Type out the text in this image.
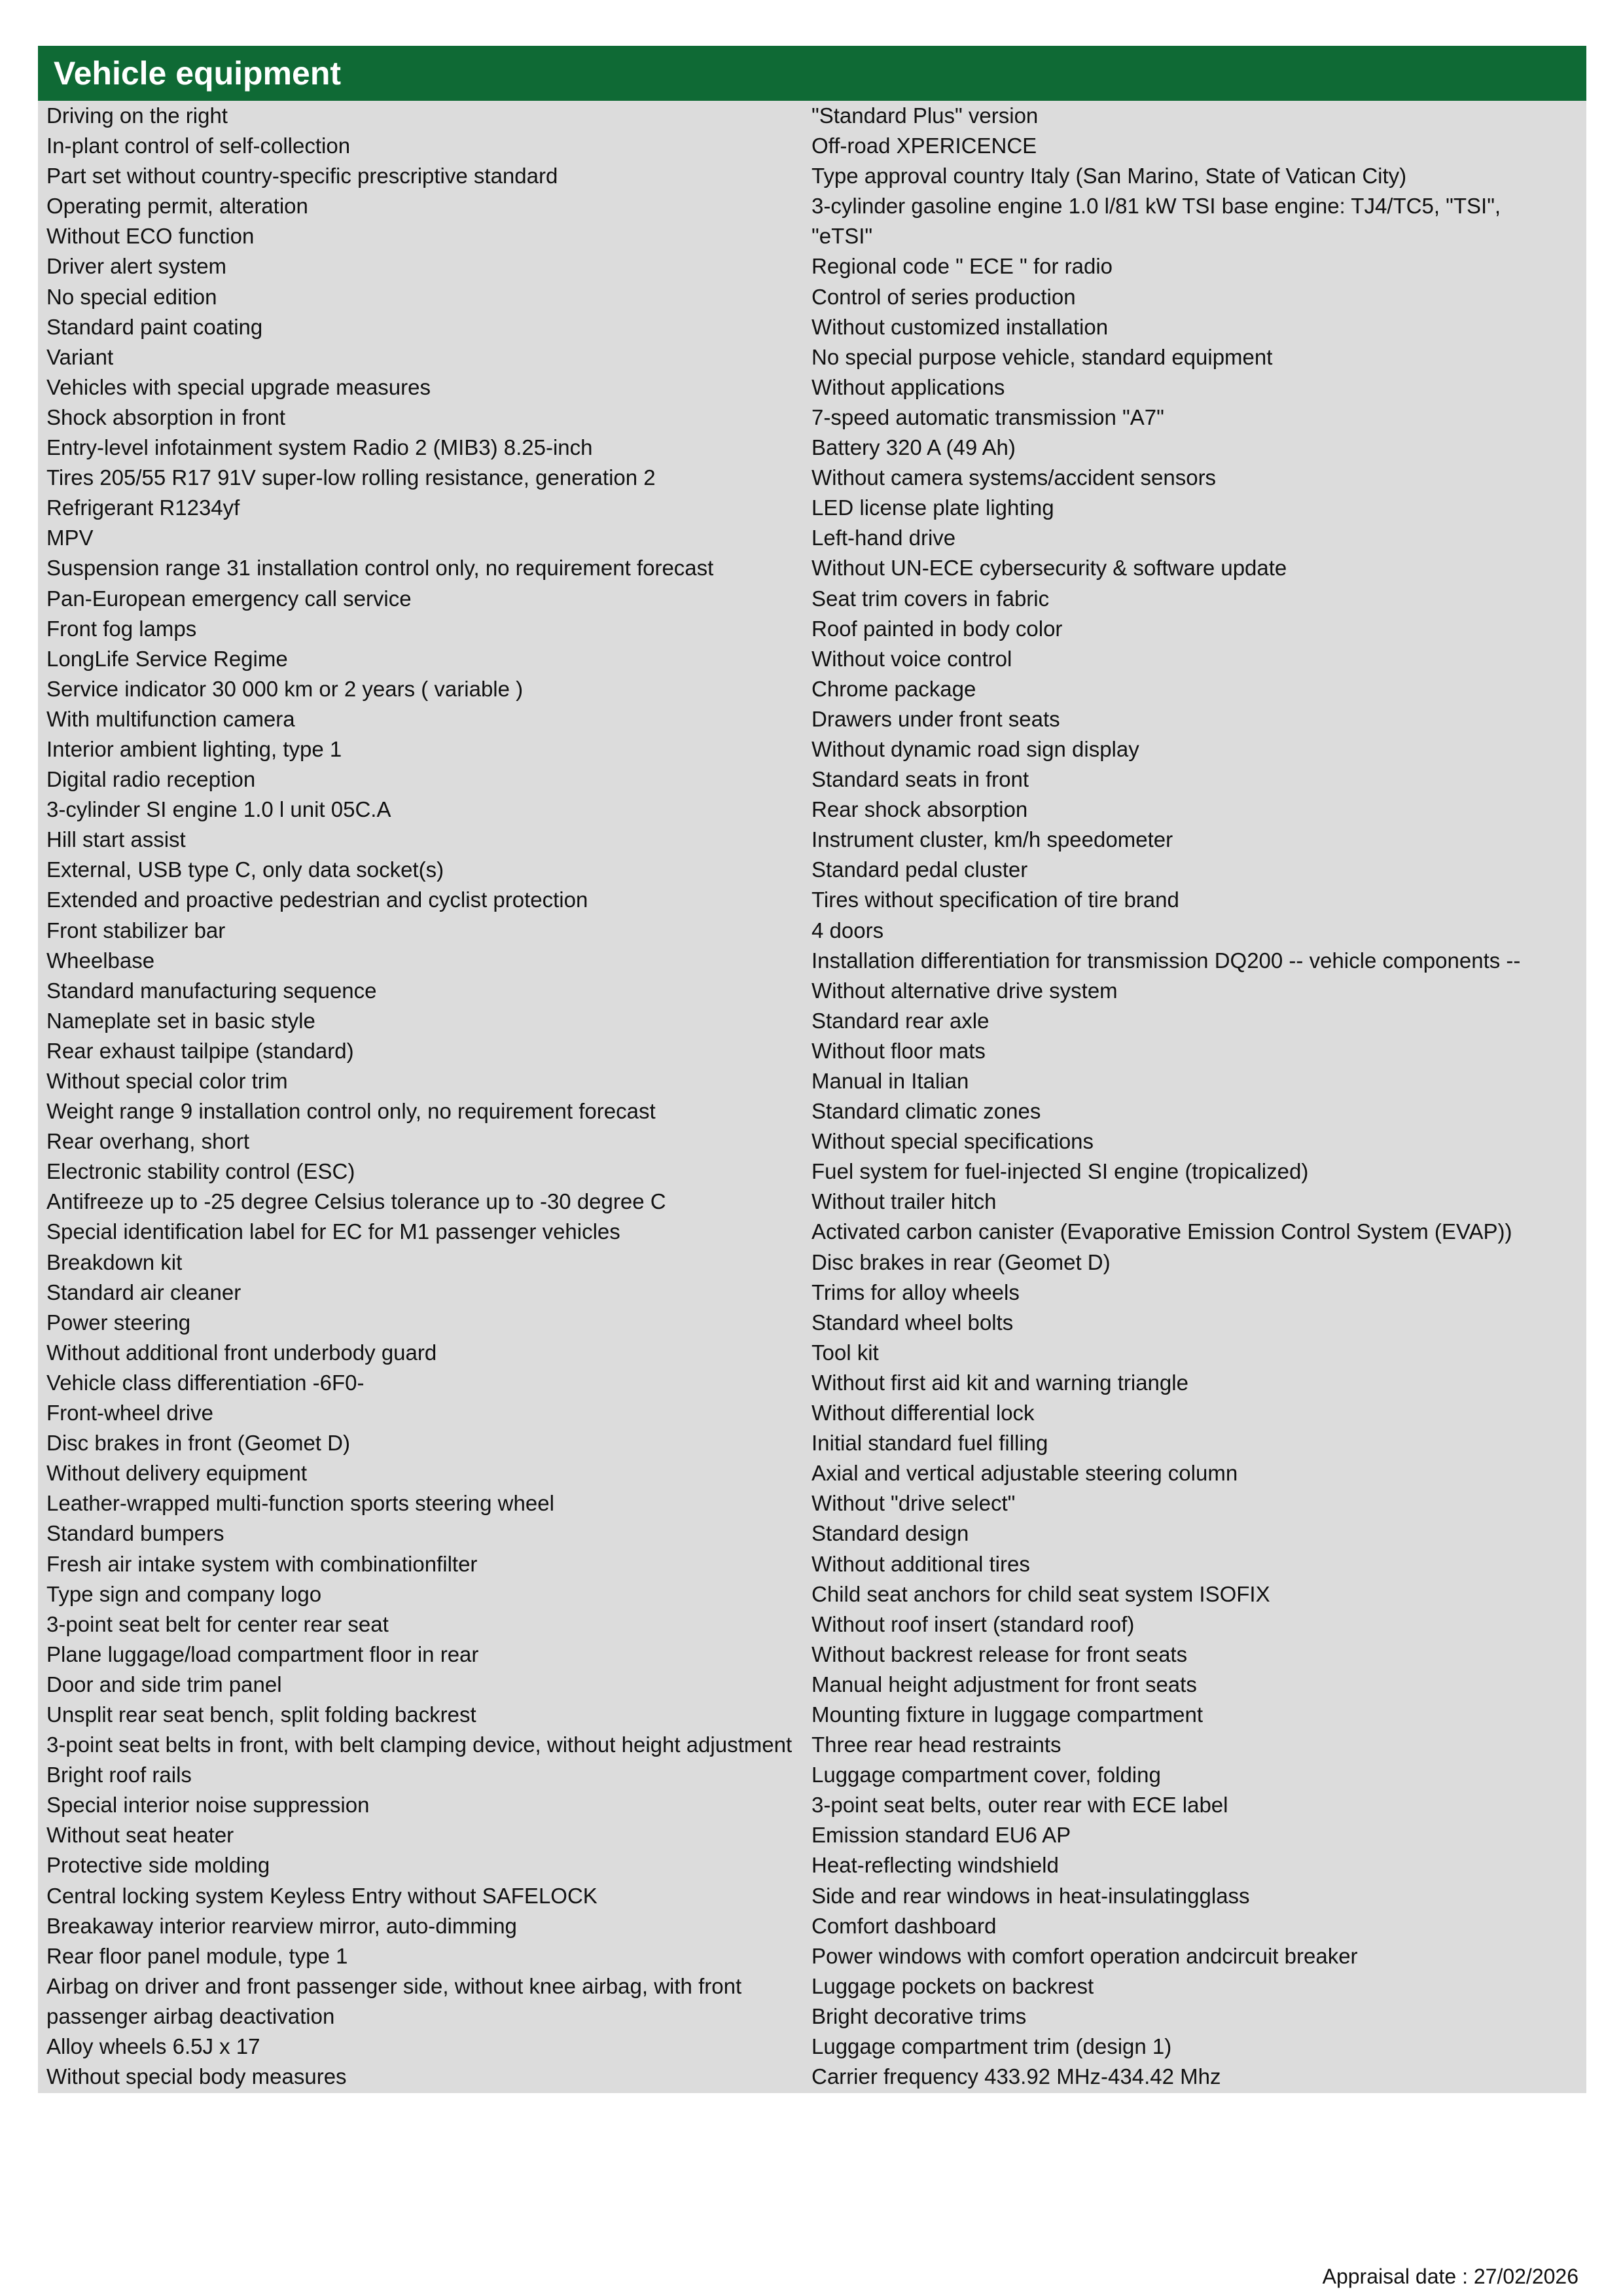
Vehicle equipment
Driving on the right
In-plant control of self-collection
Part set without country-specific prescriptive standard
Operating permit, alteration
Without ECO function
Driver alert system
No special edition
Standard paint coating
Variant
Vehicles with special upgrade measures
Shock absorption in front
Entry-level infotainment system Radio 2 (MIB3) 8.25-inch
Tires 205/55 R17 91V super-low rolling resistance, generation 2
Refrigerant R1234yf
MPV
Suspension range 31 installation control only, no requirement forecast
Pan-European emergency call service
Front fog lamps
LongLife Service Regime
Service indicator 30 000 km or 2 years ( variable )
With multifunction camera
Interior ambient lighting, type 1
Digital radio reception
3-cylinder SI engine 1.0 l unit 05C.A
Hill start assist
External, USB type C, only data socket(s)
Extended and proactive pedestrian and cyclist protection
Front stabilizer bar
Wheelbase
Standard manufacturing sequence
Nameplate set in basic style
Rear exhaust tailpipe (standard)
Without special color trim
Weight range 9 installation control only, no requirement forecast
Rear overhang, short
Electronic stability control (ESC)
Antifreeze up to -25 degree Celsius tolerance up to -30 degree C
Special identification label for EC for M1 passenger vehicles
Breakdown kit
Standard air cleaner
Power steering
Without additional front underbody guard
Vehicle class differentiation -6F0-
Front-wheel drive
Disc brakes in front (Geomet D)
Without delivery equipment
Leather-wrapped multi-function sports steering wheel
Standard bumpers
Fresh air intake system with combinationfilter
Type sign and company logo
3-point seat belt for center rear seat
Plane luggage/load compartment floor in rear
Door and side trim panel
Unsplit rear seat bench, split folding backrest
3-point seat belts in front, with belt clamping device, without height adjustment
Bright roof rails
Special interior noise suppression
Without seat heater
Protective side molding
Central locking system Keyless Entry without SAFELOCK
Breakaway interior rearview mirror, auto-dimming
Rear floor panel module, type 1
Airbag on driver and front passenger side, without knee airbag, with front passenger airbag deactivation
Alloy wheels 6.5J x 17
Without special body measures
"Standard Plus" version
Off-road XPERICENCE
Type approval country Italy (San Marino, State of Vatican City)
3-cylinder gasoline engine 1.0 l/81 kW TSI base engine: TJ4/TC5, "TSI", "eTSI"
Regional code " ECE " for radio
Control of series production
Without customized installation
No special purpose vehicle, standard equipment
Without applications
7-speed automatic transmission "A7"
Battery 320 A (49 Ah)
Without camera systems/accident sensors
LED license plate lighting
Left-hand drive
Without UN-ECE cybersecurity & software update
Seat trim covers in fabric
Roof painted in body color
Without voice control
Chrome package
Drawers under front seats
Without dynamic road sign display
Standard seats in front
Rear shock absorption
Instrument cluster, km/h speedometer
Standard pedal cluster
Tires without specification of tire brand
4 doors
Installation differentiation for transmission DQ200 -- vehicle components --
Without alternative drive system
Standard rear axle
Without floor mats
Manual in Italian
Standard climatic zones
Without special specifications
Fuel system for fuel-injected SI engine (tropicalized)
Without trailer hitch
Activated carbon canister (Evaporative Emission Control System (EVAP))
Disc brakes in rear (Geomet D)
Trims for alloy wheels
Standard wheel bolts
Tool kit
Without first aid kit and warning triangle
Without differential lock
Initial standard fuel filling
Axial and vertical adjustable steering column
Without "drive select"
Standard design
Without additional tires
Child seat anchors for child seat system ISOFIX
Without roof insert (standard roof)
Without backrest release for front seats
Manual height adjustment for front seats
Mounting fixture in luggage compartment
Three rear head restraints
Luggage compartment cover, folding
3-point seat belts, outer rear with ECE label
Emission standard EU6 AP
Heat-reflecting windshield
Side and rear windows in heat-insulatingglass
Comfort dashboard
Power windows with comfort operation andcircuit breaker
Luggage pockets on backrest
Bright decorative trims
Luggage compartment trim (design 1)
Carrier frequency 433.92 MHz-434.42 Mhz
Appraisal date : 27/02/2026
